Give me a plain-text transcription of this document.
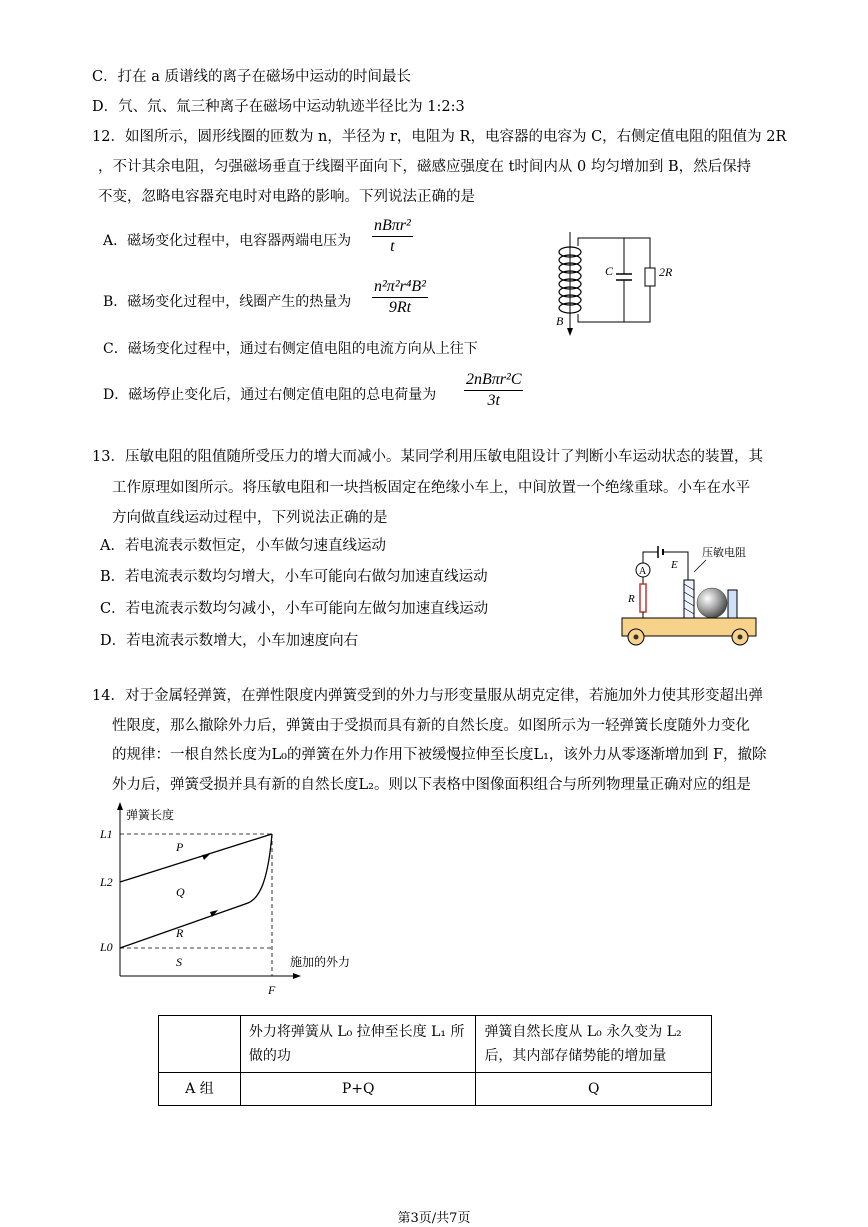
C．打在 a 质谱线的离子在磁场中运动的时间最长
D．氕、氘、氚三种离子在磁场中运动轨迹半径比为 1:2:3
12．如图所示，圆形线圈的匝数为 n，半径为 r，电阻为 R，电容器的电容为 C，右侧定值电阻的阻值为 2R
，不计其余电阻，匀强磁场垂直于线圈平面向下，磁感应强度在 t时间内从 0 均匀增加到 B，然后保持
不变，忽略电容器充电时对电路的影响。下列说法正确的是
A．磁场变化过程中，电容器两端电压为
nBπr²
t
B．磁场变化过程中，线圈产生的热量为 $\frac{\text{n²π²r⁴B²}}{9Rt}$
C．磁场变化过程中，通过右侧定值电阻的电流方向从上往下
D．磁场停止变化后，通过右侧定值电阻的总电荷量为
2nBπr²C
3t
C	2R
B
13．压敏电阻的阻值随所受压力的增大而减小。某同学利用压敏电阻设计了判断小车运动状态的装置，其
工作原理如图所示。将压敏电阻和一块挡板固定在绝缘小车上，中间放置一个绝缘重球。小车在水平
方向做直线运动过程中，下列说法正确的是
A．若电流表示数恒定，小车做匀速直线运动
B．若电流表示数均匀增大，小车可能向右做匀加速直线运动
C．若电流表示数均匀减小，小车可能向左做匀加速直线运动
D．若电流表示数增大，小车加速度向右
A
R
E
压敏电阻
14．对于金属轻弹簧，在弹性限度内弹簧受到的外力与形变量服从胡克定律，若施加外力使其形变超出弹
性限度，那么撤除外力后，弹簧由于受损而具有新的自然长度。如图所示为一轻弹簧长度随外力变化
的规律：一根自然长度为L₀的弹簧在外力作用下被缓慢拉伸至长度L₁，该外力从零逐渐增加到 F，撤除
外力后，弹簧受损并具有新的自然长度L₂。则以下表格中图像面积组合与所列物理量正确对应的组是
弹簧长度
施加的外力
L1
L2
L0
F
P
Q
R
S
	外力将弹簧从 L₀ 拉伸至长度 L₁ 所做的功	弹簧自然长度从 L₀ 永久变为 L₂ 后，其内部存储势能的增加量
A 组	P+Q	Q
第3页/共7页
